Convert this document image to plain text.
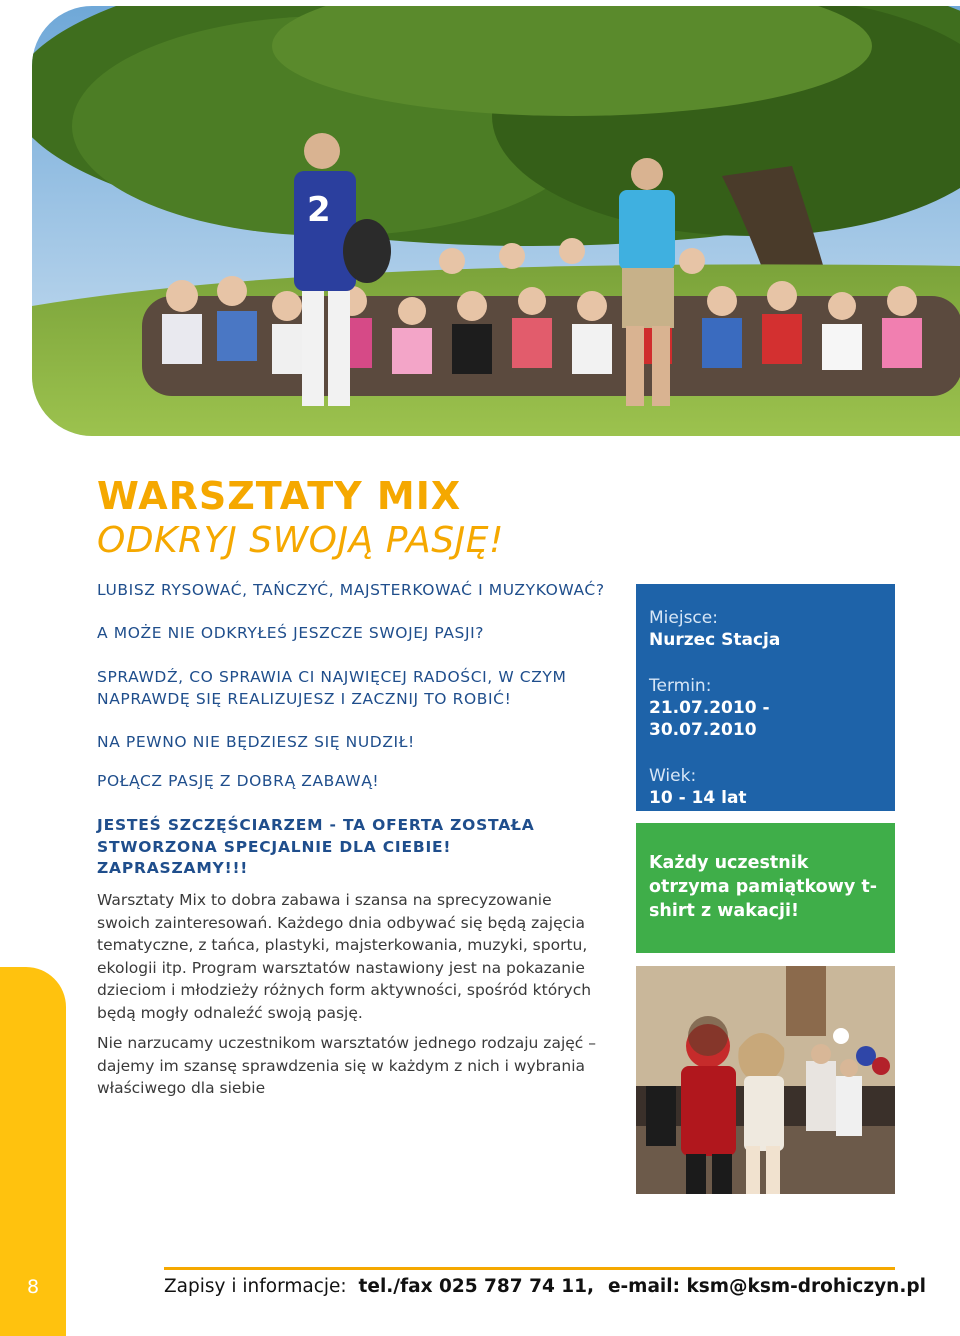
2
WARSZTATY MIX
ODKRYJ SWOJĄ PASJĘ!

LUBISZ RYSOWAĆ, TAŃCZYĆ, MAJSTERKOWAĆ I MUZYKOWAĆ?

A MOŻE NIE ODKRYŁEŚ JESZCZE SWOJEJ PASJI?

SPRAWDŹ, CO SPRAWIA CI NAJWIĘCEJ RADOŚCI, W CZYM NAPRAWDĘ SIĘ REALIZUJESZ I ZACZNIJ TO ROBIĆ!

NA PEWNO NIE BĘDZIESZ SIĘ NUDZIŁ!

POŁĄCZ PASJĘ Z DOBRĄ ZABAWĄ!

JESTEŚ SZCZĘŚCIARZEM - TA OFERTA ZOSTAŁA STWORZONA SPECJALNIE DLA CIEBIE! ZAPRASZAMY!!!

Warsztaty Mix to dobra zabawa i szansa na sprecyzowanie swoich zainteresowań. Każdego dnia odbywać się będą zajęcia tematyczne, z tańca, plastyki, majsterkowania, muzyki, sportu, ekologii itp. Program warsztatów nastawiony jest na pokazanie dzieciom i młodzieży różnych form aktywności, spośród których będą mogły odnaleźć swoją pasję.
Nie narzucamy uczestnikom warsztatów jednego rodzaju zajęć – dajemy im szansę sprawdzenia się w każdym z nich i wybrania właściwego dla siebie
Miejsce:
Nurzec Stacja
Termin:
21.07.2010 - 30.07.2010
Wiek:
10 - 14 lat
Każdy uczestnik otrzyma pamiątkowy t-shirt z wakacji!
8	Zapisy i informacje: tel./fax 025 787 74 11, e-mail: ksm@ksm-drohiczyn.pl
